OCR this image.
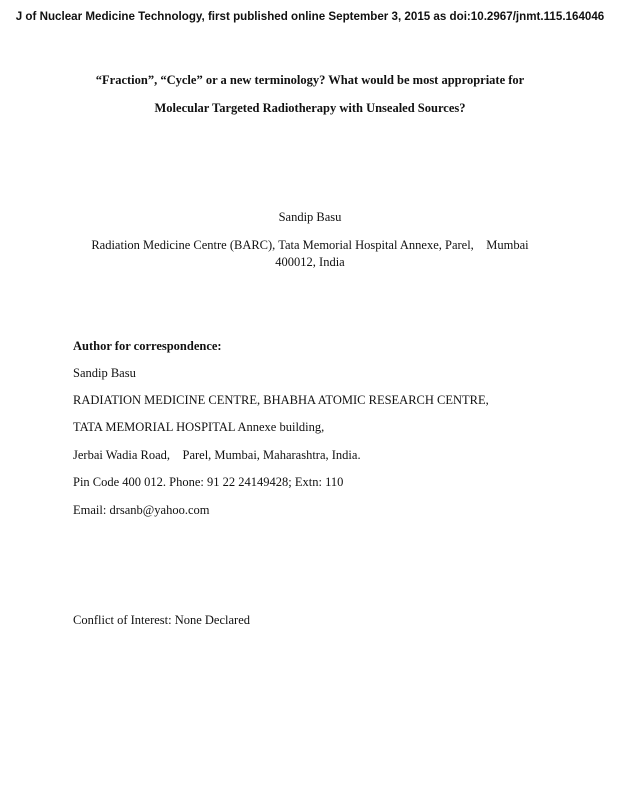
J of Nuclear Medicine Technology, first published online September 3, 2015 as doi:10.2967/jnmt.115.164046
“Fraction”, “Cycle” or a new terminology? What would be most appropriate for
Molecular Targeted Radiotherapy with Unsealed Sources?
Sandip Basu
Radiation Medicine Centre (BARC), Tata Memorial Hospital Annexe, Parel,    Mumbai
400012, India
Author for correspondence:
Sandip Basu
RADIATION MEDICINE CENTRE, BHABHA ATOMIC RESEARCH CENTRE,
TATA MEMORIAL HOSPITAL Annexe building,
Jerbai Wadia Road,    Parel, Mumbai, Maharashtra, India.
Pin Code 400 012. Phone: 91 22 24149428; Extn: 110
Email: drsanb@yahoo.com
Conflict of Interest: None Declared
